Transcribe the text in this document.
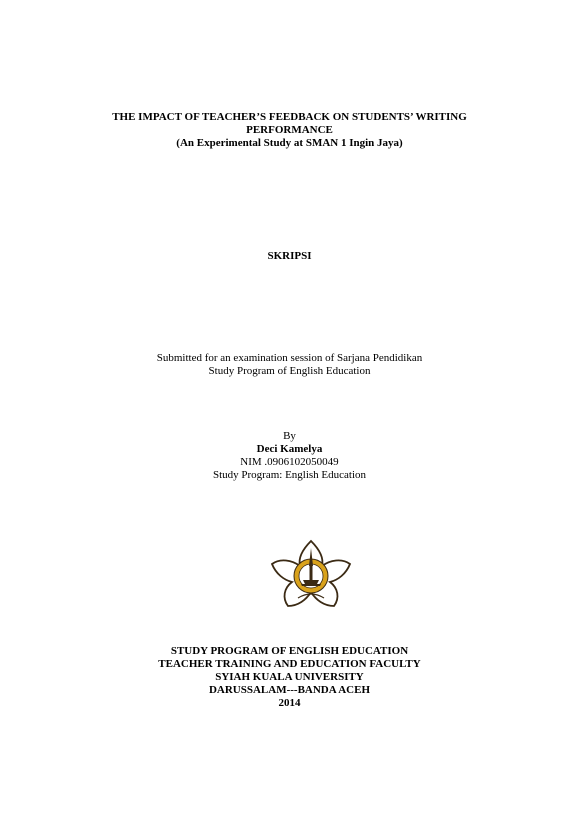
THE IMPACT OF TEACHER’S FEEDBACK ON STUDENTS’ WRITING
PERFORMANCE
(An Experimental Study at SMAN 1 Ingin Jaya)
SKRIPSI
Submitted for an examination session of Sarjana Pendidikan
Study Program of English Education
By
Deci Kamelya
NIM .0906102050049
Study Program: English Education
STUDY PROGRAM OF ENGLISH EDUCATION
TEACHER TRAINING AND EDUCATION FACULTY
SYIAH KUALA UNIVERSITY
DARUSSALAM---BANDA ACEH
2014
